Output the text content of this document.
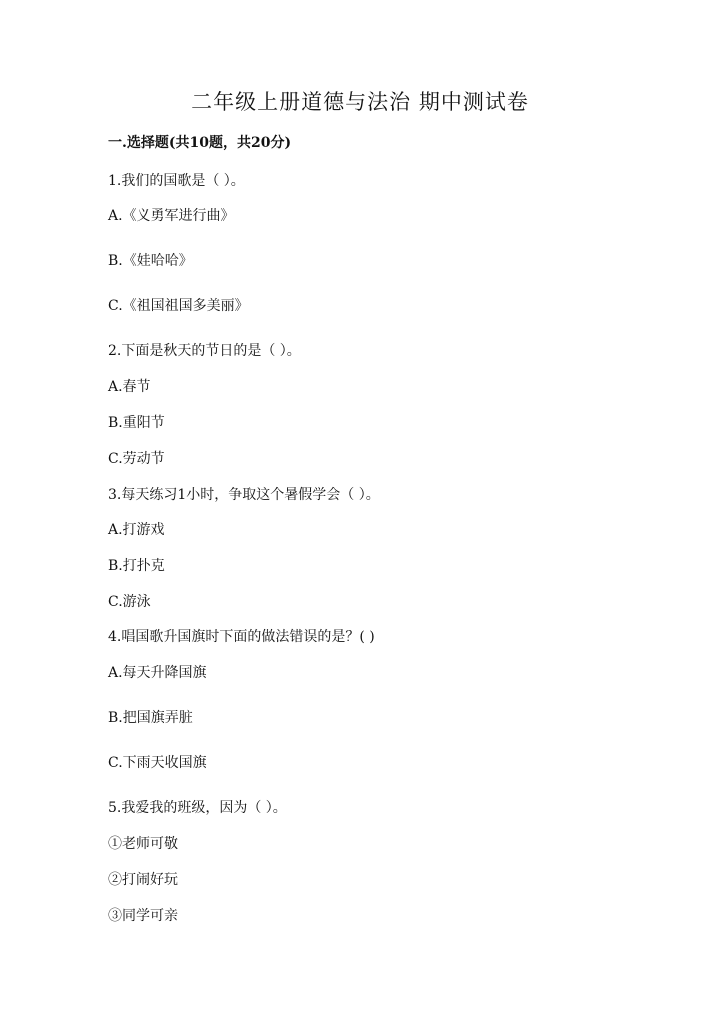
二年级上册道德与法治 期中测试卷
一.选择题(共10题，共20分)
1.我们的国歌是（ ）。
A.《义勇军进行曲》
B.《娃哈哈》
C.《祖国祖国多美丽》
2.下面是秋天的节日的是（ ）。
A.春节
B.重阳节
C.劳动节
3.每天练习1小时，争取这个暑假学会（ ）。
A.打游戏
B.打扑克
C.游泳
4.唱国歌升国旗时下面的做法错误的是？( )
A.每天升降国旗
B.把国旗弄脏
C.下雨天收国旗
5.我爱我的班级，因为（ ）。
①老师可敬
②打闹好玩
③同学可亲
